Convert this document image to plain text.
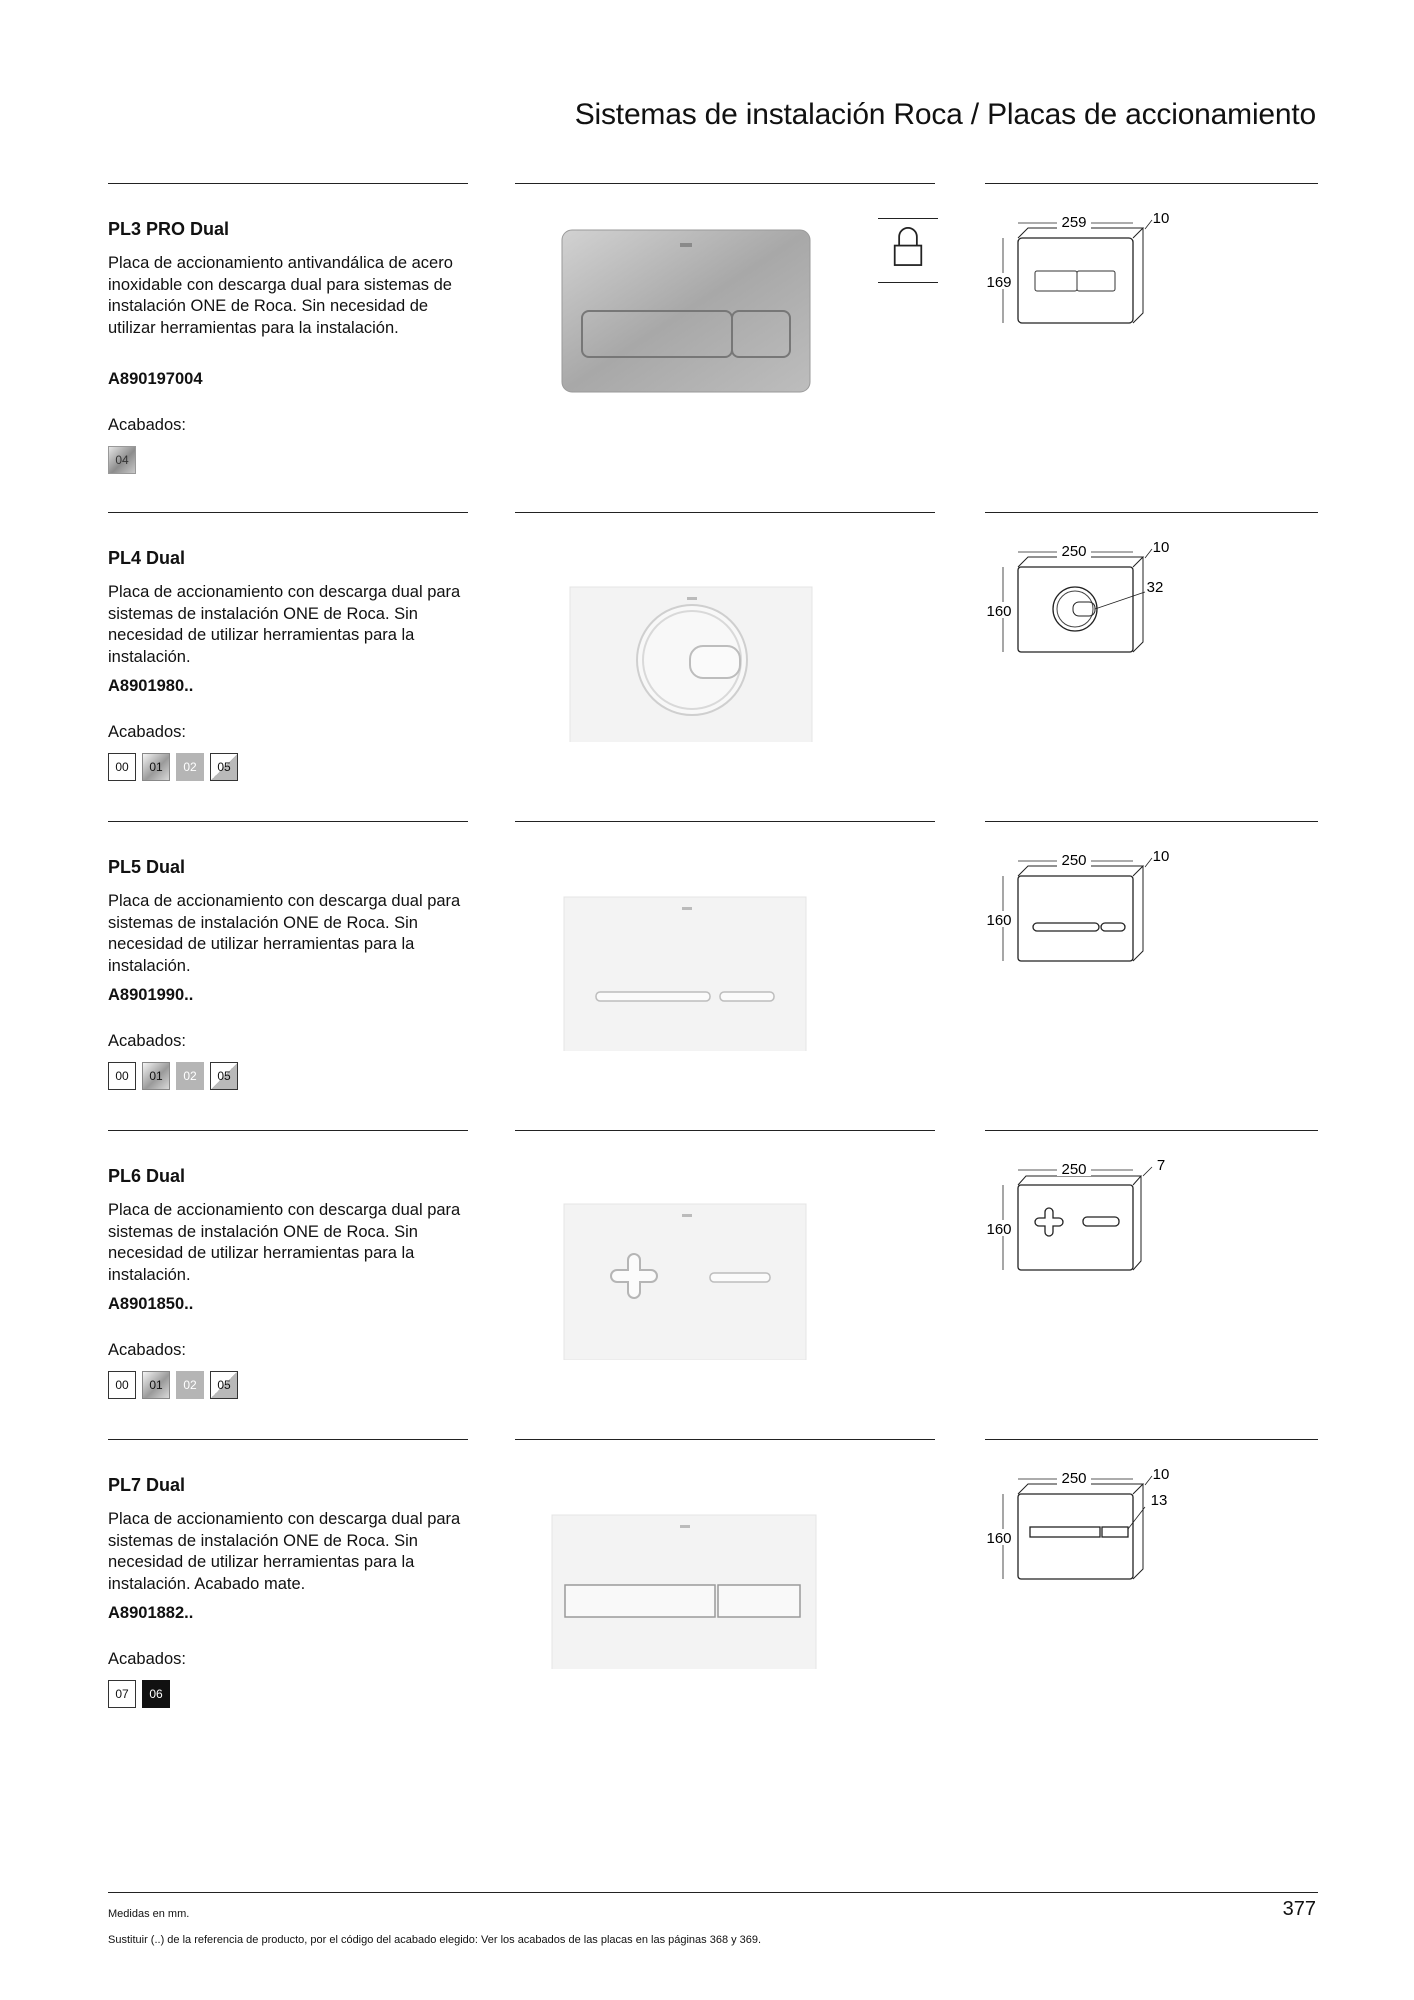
Sistemas de instalación Roca / Placas de accionamiento
PL3 PRO Dual
Placa de accionamiento antivandálica de acero inoxidable con descarga dual para sistemas de instalación ONE de Roca. Sin necesidad de utilizar herramientas para la instalación.
A890197004
Acabados:
04
259	10
169
PL4 Dual
Placa de accionamiento con descarga dual para sistemas de instalación ONE de Roca. Sin necesidad de utilizar herramientas para la instalación.
A8901980..
Acabados:
00	01	02	05
32
250	10
160
PL5 Dual
Placa de accionamiento con descarga dual para sistemas de instalación ONE de Roca. Sin necesidad de utilizar herramientas para la instalación.
A8901990..
Acabados:
00	01	02	05
250	10
160
PL6 Dual
Placa de accionamiento con descarga dual para sistemas de instalación ONE de Roca. Sin necesidad de utilizar herramientas para la instalación.
A8901850..
Acabados:
00	01	02	05
250	7
160
PL7 Dual
Placa de accionamiento con descarga dual para sistemas de instalación ONE de Roca. Sin necesidad de utilizar herramientas para la instalación. Acabado mate.
A8901882..
Acabados:
07	06
13
250	10
160
Medidas en mm.
Sustituir (..) de la referencia de producto, por el código del acabado elegido: Ver los acabados de las placas en las páginas 368 y 369.
377
